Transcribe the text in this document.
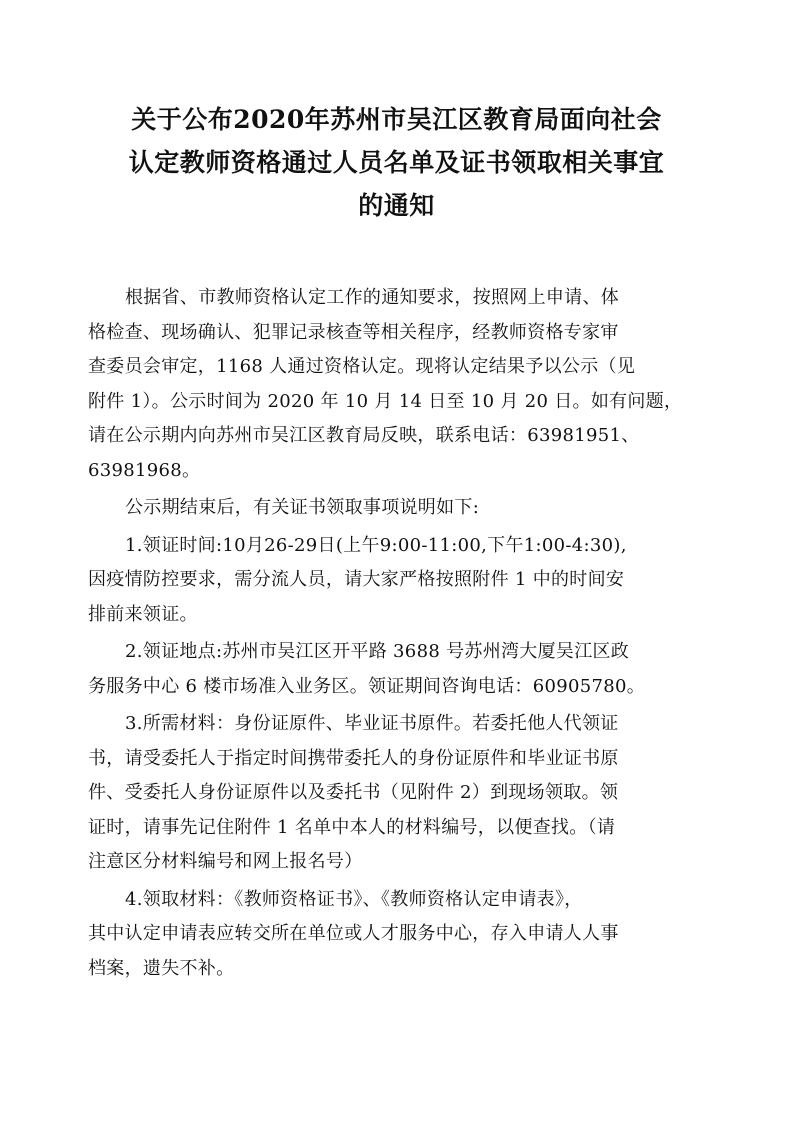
关于公布2020年苏州市吴江区教育局面向社会
认定教师资格通过人员名单及证书领取相关事宜
的通知
根据省、市教师资格认定工作的通知要求，按照网上申请、体
格检查、现场确认、犯罪记录核查等相关程序，经教师资格专家审
查委员会审定，1168 人通过资格认定。现将认定结果予以公示（见
附件 1）。公示时间为 2020 年 10 月 14 日至 10 月 20 日。如有问题，
请在公示期内向苏州市吴江区教育局反映，联系电话：63981951、
63981968。
公示期结束后，有关证书领取事项说明如下:
1.领证时间:10月26-29日(上午9:00-11:00,下午1:00-4:30),
因疫情防控要求，需分流人员，请大家严格按照附件 1 中的时间安
排前来领证。
2.领证地点:苏州市吴江区开平路 3688 号苏州湾大厦吴江区政
务服务中心 6 楼市场准入业务区。领证期间咨询电话：60905780。
3.所需材料：身份证原件、毕业证书原件。若委托他人代领证
书，请受委托人于指定时间携带委托人的身份证原件和毕业证书原
件、受委托人身份证原件以及委托书（见附件 2）到现场领取。领
证时，请事先记住附件 1 名单中本人的材料编号，以便查找。（请
注意区分材料编号和网上报名号）
4.领取材料：《教师资格证书》、《教师资格认定申请表》，
其中认定申请表应转交所在单位或人才服务中心，存入申请人人事
档案，遗失不补。
